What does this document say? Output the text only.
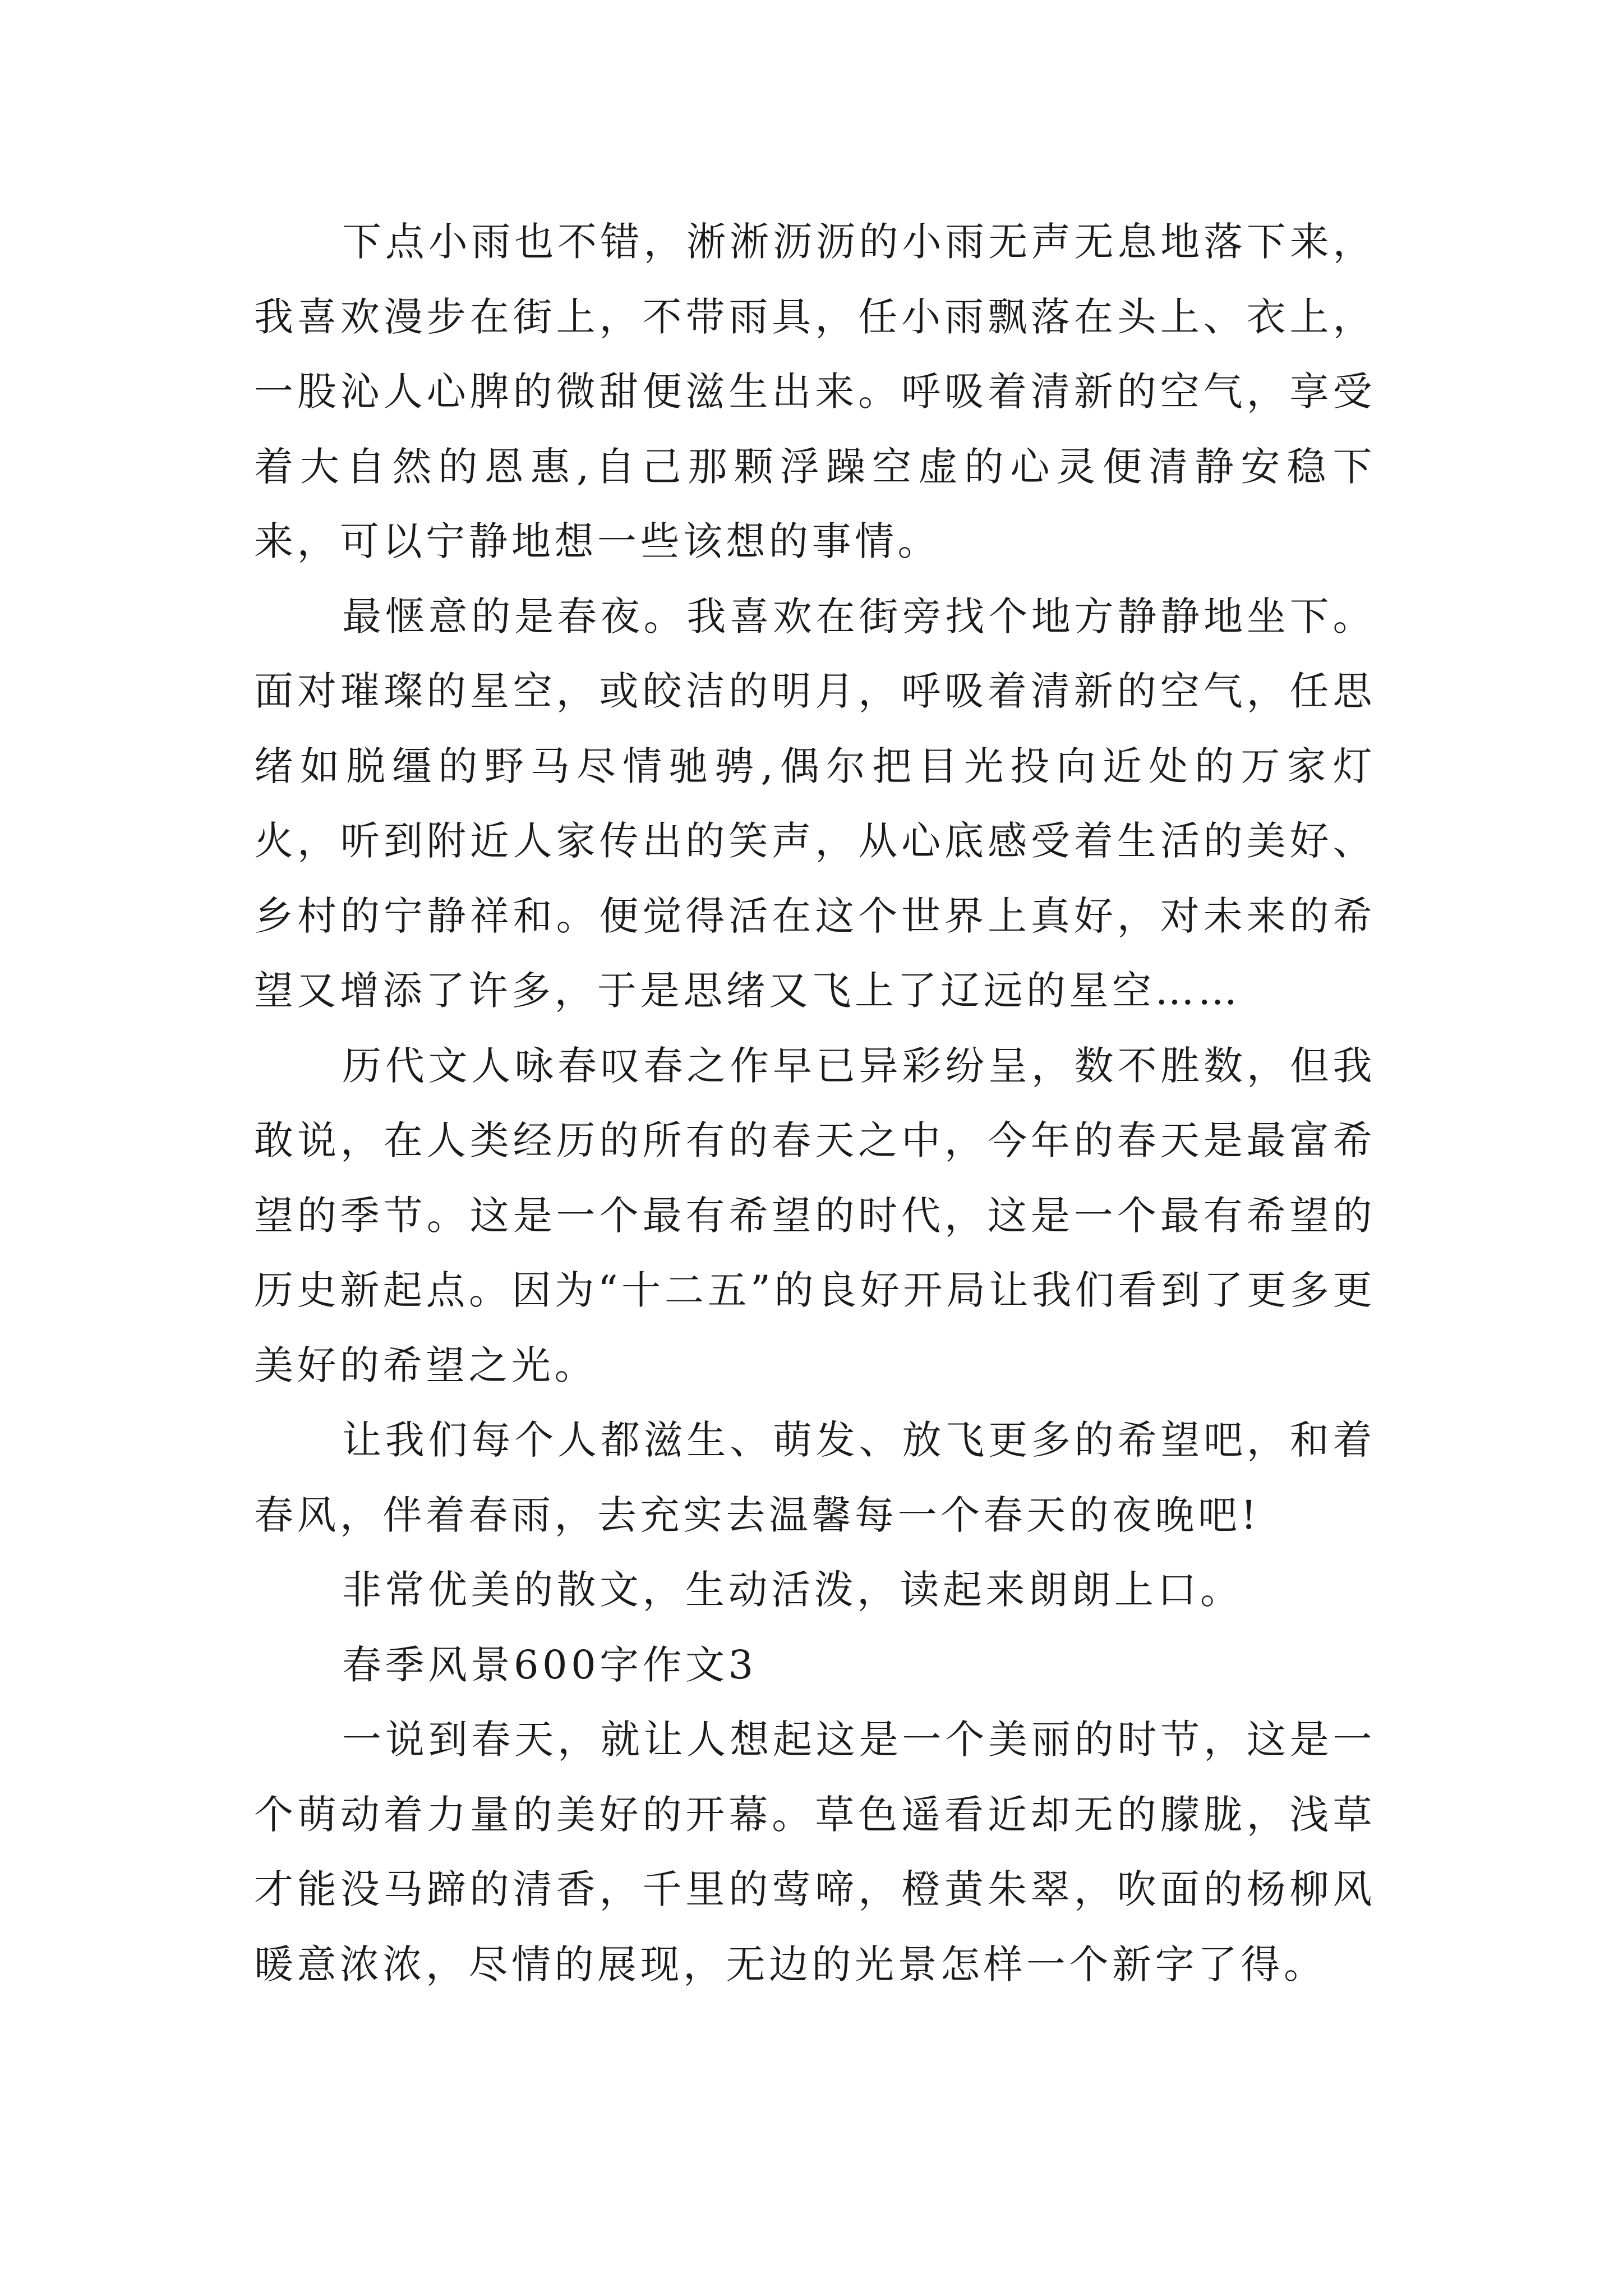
下点小雨也不错，淅淅沥沥的小雨无声无息地落下来，我喜欢漫步在街上，不带雨具，任小雨飘落在头上、衣上，一股沁人心脾的微甜便滋生出来。呼吸着清新的空气，享受着大自然的恩惠,自己那颗浮躁空虚的心灵便清静安稳下来，可以宁静地想一些该想的事情。

最惬意的是春夜。我喜欢在街旁找个地方静静地坐下。面对璀璨的星空，或皎洁的明月，呼吸着清新的空气，任思绪如脱缰的野马尽情驰骋,偶尔把目光投向近处的万家灯火，听到附近人家传出的笑声，从心底感受着生活的美好、乡村的宁静祥和。便觉得活在这个世界上真好，对未来的希望又增添了许多，于是思绪又飞上了辽远的星空……

历代文人咏春叹春之作早已异彩纷呈，数不胜数，但我敢说，在人类经历的所有的春天之中，今年的春天是最富希望的季节。这是一个最有希望的时代，这是一个最有希望的历史新起点。因为“十二五”的良好开局让我们看到了更多更美好的希望之光。

让我们每个人都滋生、萌发、放飞更多的希望吧，和着春风，伴着春雨，去充实去温馨每一个春天的夜晚吧!

非常优美的散文，生动活泼，读起来朗朗上口。

春季风景600字作文3

一说到春天，就让人想起这是一个美丽的时节，这是一个萌动着力量的美好的开幕。草色遥看近却无的朦胧，浅草才能没马蹄的清香，千里的莺啼，橙黄朱翠，吹面的杨柳风暖意浓浓，尽情的展现，无边的光景怎样一个新字了得。
